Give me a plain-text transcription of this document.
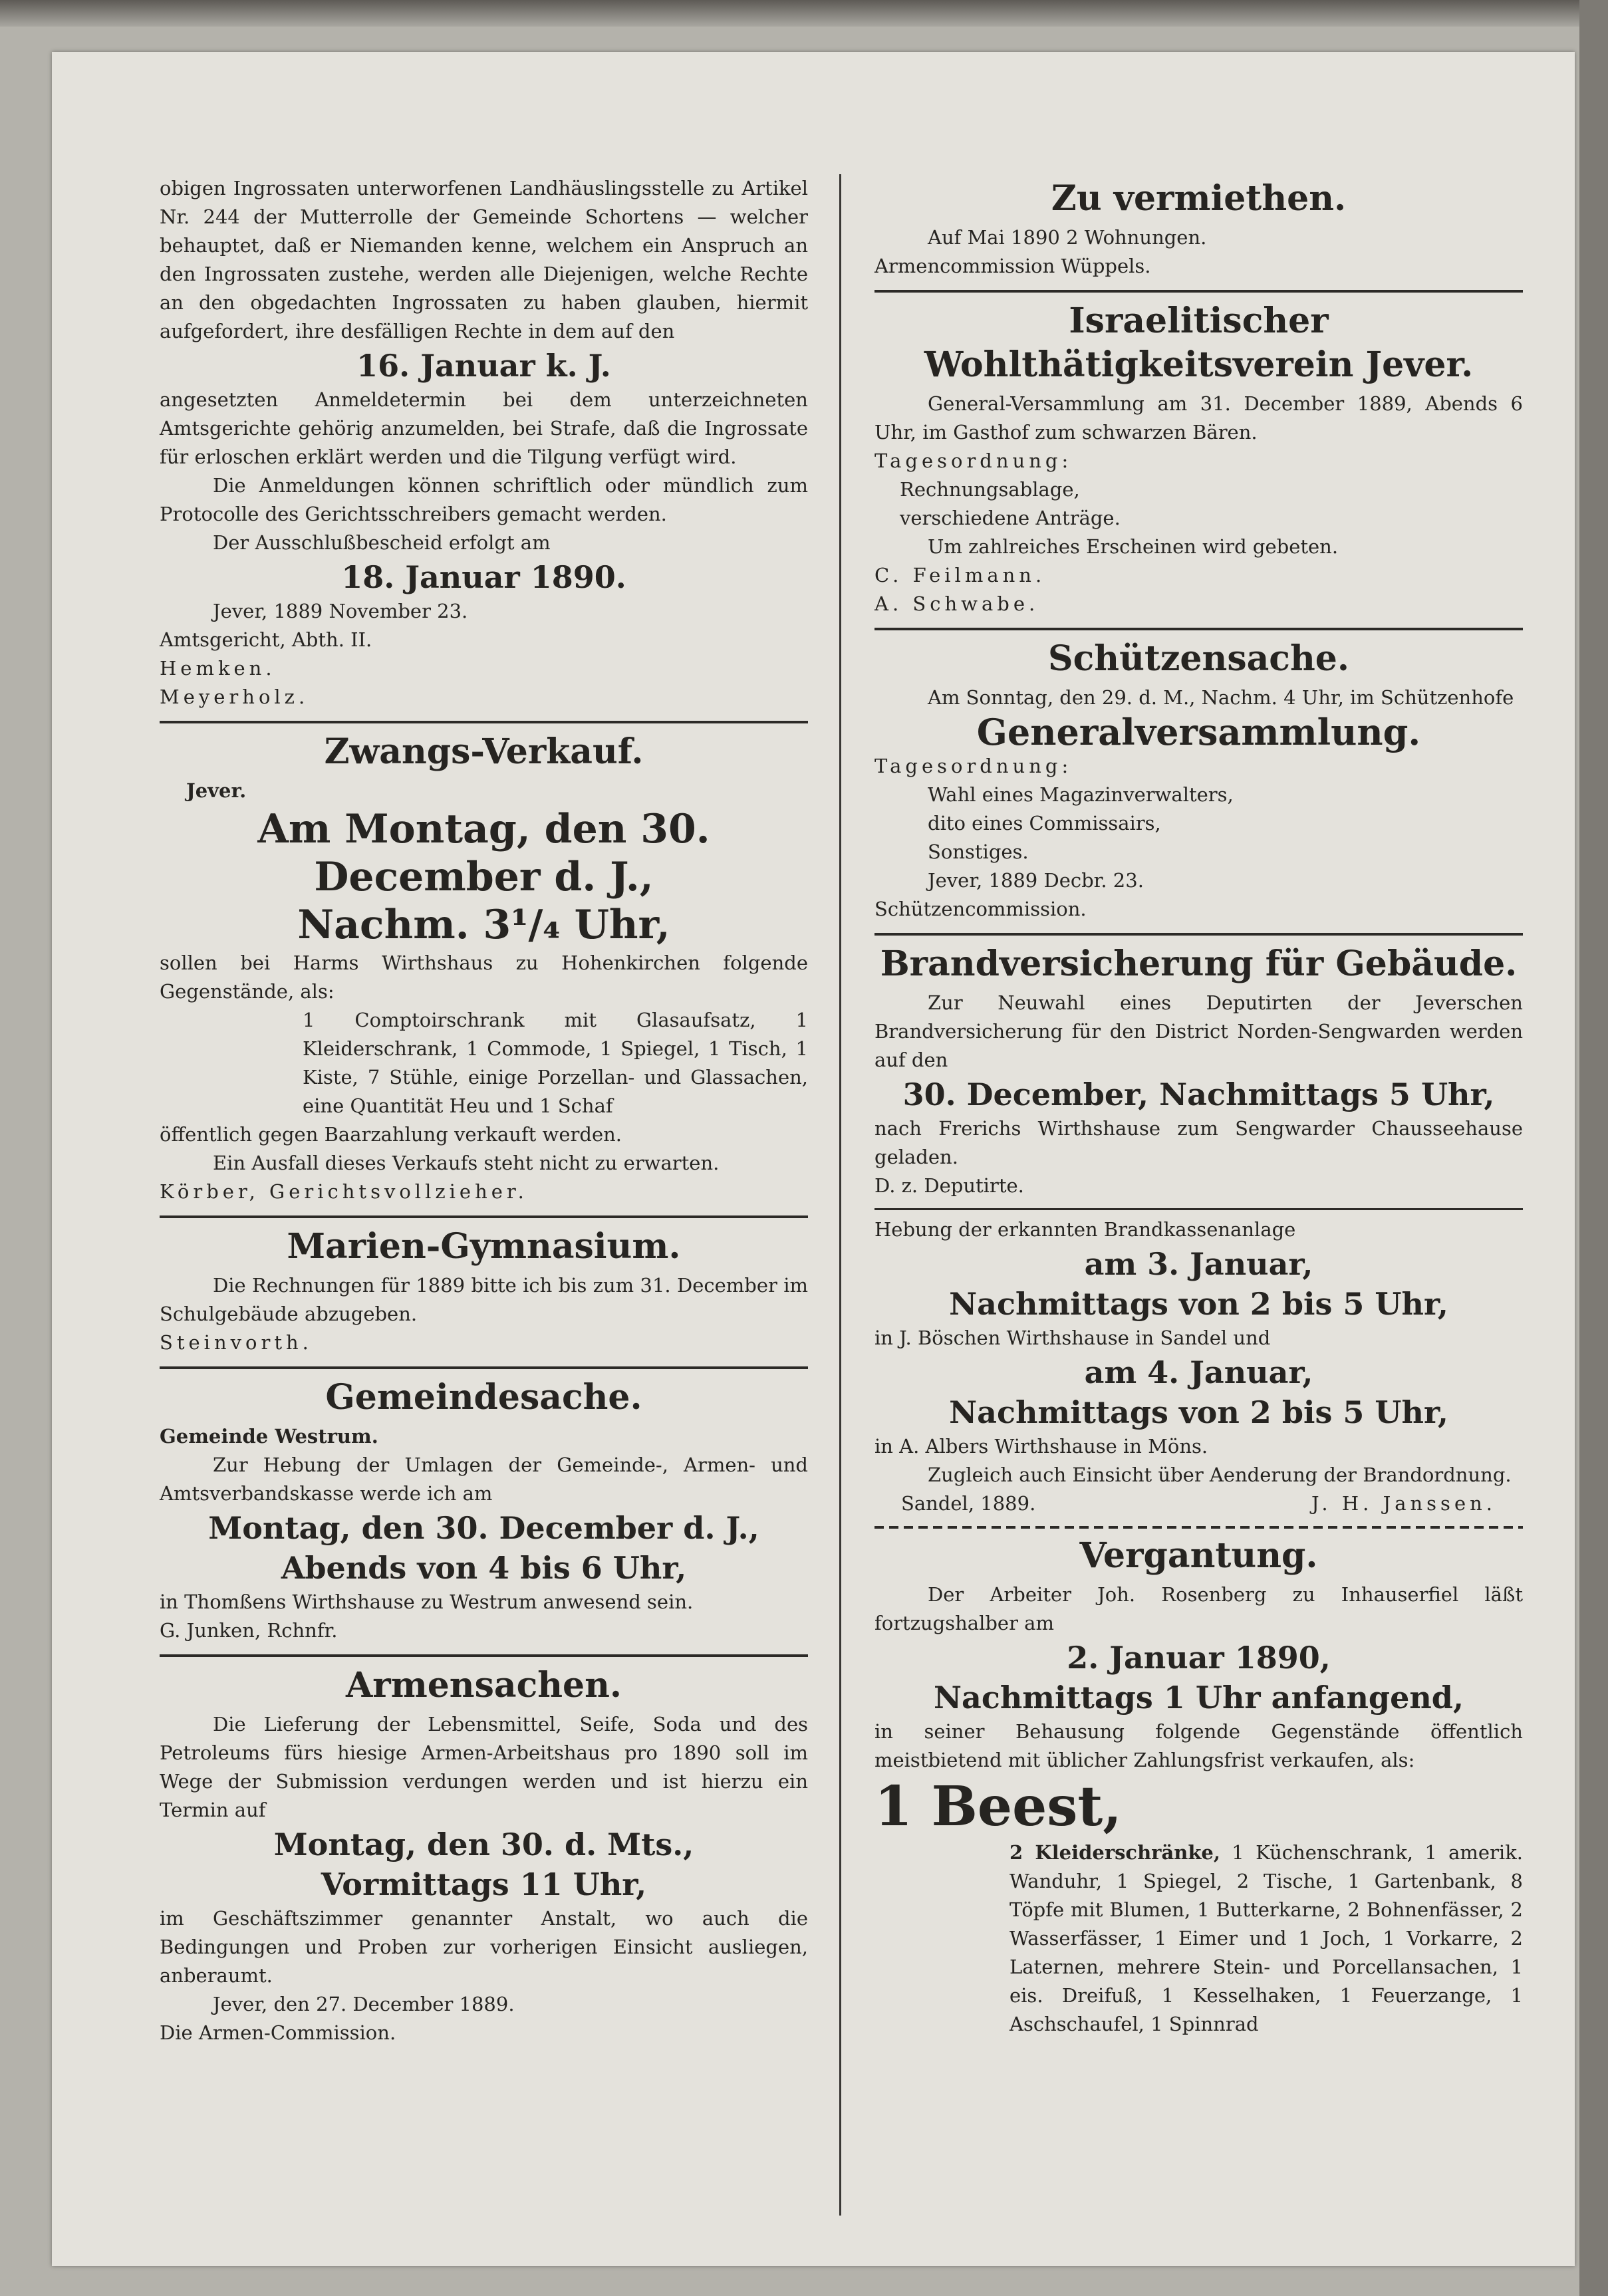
obigen Ingrossaten unterworfenen Landhäuslingsstelle zu Artikel Nr. 244 der Mutterrolle der Gemeinde Schortens — welcher behauptet, daß er Niemanden kenne, welchem ein Anspruch an den Ingrossaten zustehe, werden alle Diejenigen, welche Rechte an den obgedachten Ingrossaten zu haben glauben, hiermit aufgefordert, ihre desfälligen Rechte in dem auf den

16. Januar k. J.

angesetzten Anmeldetermin bei dem unterzeichneten Amtsgerichte gehörig anzumelden, bei Strafe, daß die Ingrossate für erloschen erklärt werden und die Tilgung verfügt wird.

Die Anmeldungen können schriftlich oder mündlich zum Protocolle des Gerichtsschreibers gemacht werden.

Der Ausschlußbescheid erfolgt am

18. Januar 1890.

Jever, 1889 November 23.

Amtsgericht, Abth. II.

Hemken.

Meyerholz.

Zwangs-Verkauf.

Jever.

Am Montag, den 30. December d. J.,

Nachm. 3¹/₄ Uhr,

sollen bei Harms Wirthshaus zu Hohenkirchen folgende Gegenstände, als:

1 Comptoirschrank mit Glasaufsatz, 1 Kleiderschrank, 1 Commode, 1 Spiegel, 1 Tisch, 1 Kiste, 7 Stühle, einige Porzellan- und Glassachen, eine Quantität Heu und 1 Schaf

öffentlich gegen Baarzahlung verkauft werden.

Ein Ausfall dieses Verkaufs steht nicht zu erwarten.

Körber, Gerichtsvollzieher.

Marien-Gymnasium.

Die Rechnungen für 1889 bitte ich bis zum 31. December im Schulgebäude abzugeben.

Steinvorth.

Gemeindesache.

Gemeinde Westrum.

Zur Hebung der Umlagen der Gemeinde-, Armen- und Amtsverbandskasse werde ich am

Montag, den 30. December d. J.,

Abends von 4 bis 6 Uhr,

in Thomßens Wirthshause zu Westrum anwesend sein.

G. Junken, Rchnfr.

Armensachen.

Die Lieferung der Lebensmittel, Seife, Soda und des Petroleums fürs hiesige Armen-Arbeitshaus pro 1890 soll im Wege der Submission verdungen werden und ist hierzu ein Termin auf

Montag, den 30. d. Mts.,

Vormittags 11 Uhr,

im Geschäftszimmer genannter Anstalt, wo auch die Bedingungen und Proben zur vorherigen Einsicht ausliegen, anberaumt.

Jever, den 27. December 1889.

Die Armen-Commission.

Zu vermiethen.

Auf Mai 1890 2 Wohnungen.

Armencommission Wüppels.

Israelitischer Wohlthätigkeitsverein Jever.

General-Versammlung am 31. December 1889, Abends 6 Uhr, im Gasthof zum schwarzen Bären.

Tagesordnung:

Rechnungsablage,

verschiedene Anträge.

Um zahlreiches Erscheinen wird gebeten.

C. Feilmann.

A. Schwabe.

Schützensache.

Am Sonntag, den 29. d. M., Nachm. 4 Uhr, im Schützenhofe

Generalversammlung.

Tagesordnung:

Wahl eines Magazinverwalters,

dito eines Commissairs,

Sonstiges.

Jever, 1889 Decbr. 23.

Schützencommission.

Brandversicherung für Gebäude.

Zur Neuwahl eines Deputirten der Jeverschen Brandversicherung für den District Norden-Sengwarden werden auf den

30. December, Nachmittags 5 Uhr,

nach Frerichs Wirthshause zum Sengwarder Chausseehause geladen.

D. z. Deputirte.

Hebung der erkannten Brandkassenanlage

am 3. Januar,

Nachmittags von 2 bis 5 Uhr,

in J. Böschen Wirthshause in Sandel und

am 4. Januar,

Nachmittags von 2 bis 5 Uhr,

in A. Albers Wirthshause in Möns.

Zugleich auch Einsicht über Aenderung der Brandordnung.

Sandel, 1889.	J. H. Janssen.

Vergantung.

Der Arbeiter Joh. Rosenberg zu Inhauserfiel läßt fortzugshalber am

2. Januar 1890,

Nachmittags 1 Uhr anfangend,

in seiner Behausung folgende Gegenstände öffentlich meistbietend mit üblicher Zahlungsfrist verkaufen, als:

1 Beest,

2 Kleiderschränke, 1 Küchenschrank, 1 amerik. Wanduhr, 1 Spiegel, 2 Tische, 1 Gartenbank, 8 Töpfe mit Blumen, 1 Butterkarne, 2 Bohnenfässer, 2 Wasserfässer, 1 Eimer und 1 Joch, 1 Vorkarre, 2 Laternen, mehrere Stein- und Porcellansachen, 1 eis. Dreifuß, 1 Kesselhaken, 1 Feuerzange, 1 Aschschaufel, 1 Spinnrad
